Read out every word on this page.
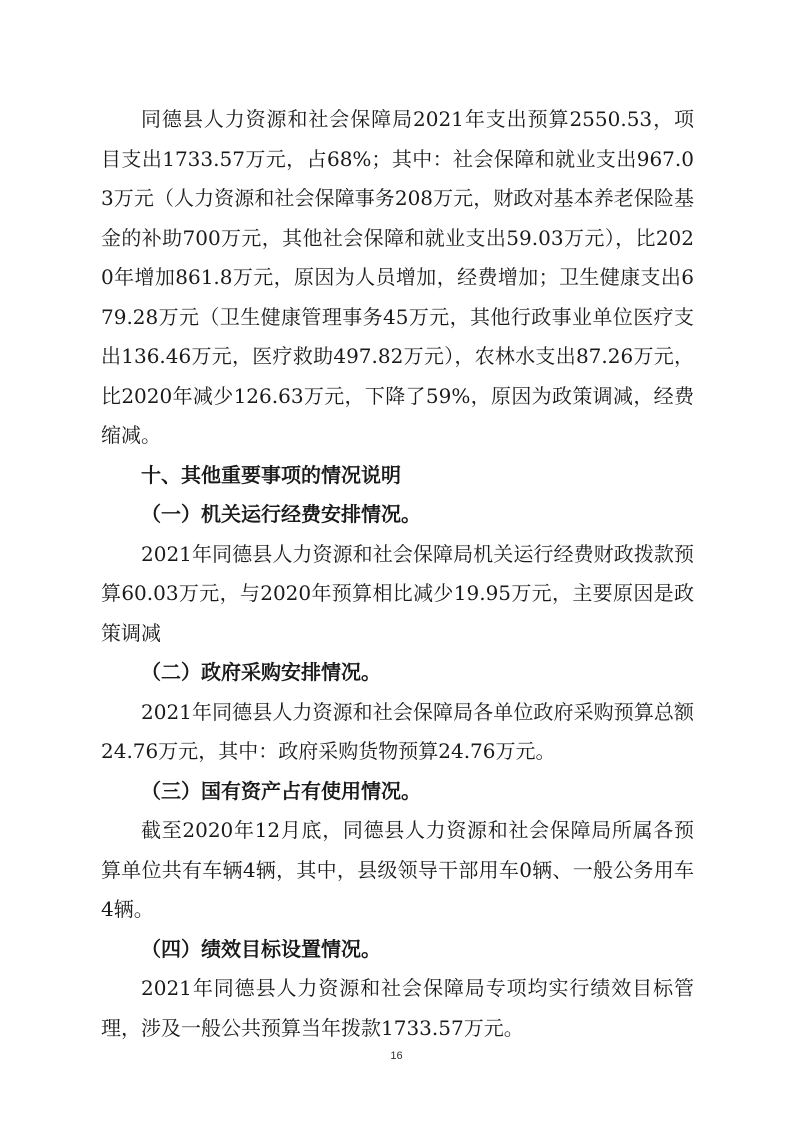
同德县人力资源和社会保障局2021年支出预算2550.53，项目支出1733.57万元，占68%；其中：社会保障和就业支出967.03万元（人力资源和社会保障事务208万元，财政对基本养老保险基金的补助700万元，其他社会保障和就业支出59.03万元），比2020年增加861.8万元，原因为人员增加，经费增加；卫生健康支出679.28万元（卫生健康管理事务45万元，其他行政事业单位医疗支出136.46万元，医疗救助497.82万元），农林水支出87.26万元，比2020年减少126.63万元，下降了59%，原因为政策调减，经费缩减。

十、其他重要事项的情况说明

（一）机关运行经费安排情况。

2021年同德县人力资源和社会保障局机关运行经费财政拨款预算60.03万元，与2020年预算相比减少19.95万元，主要原因是政策调减

（二）政府采购安排情况。

2021年同德县人力资源和社会保障局各单位政府采购预算总额24.76万元，其中：政府采购货物预算24.76万元。

（三）国有资产占有使用情况。

截至2020年12月底，同德县人力资源和社会保障局所属各预算单位共有车辆4辆，其中，县级领导干部用车0辆、一般公务用车4辆。

（四）绩效目标设置情况。

2021年同德县人力资源和社会保障局专项均实行绩效目标管理，涉及一般公共预算当年拨款1733.57万元。

16
